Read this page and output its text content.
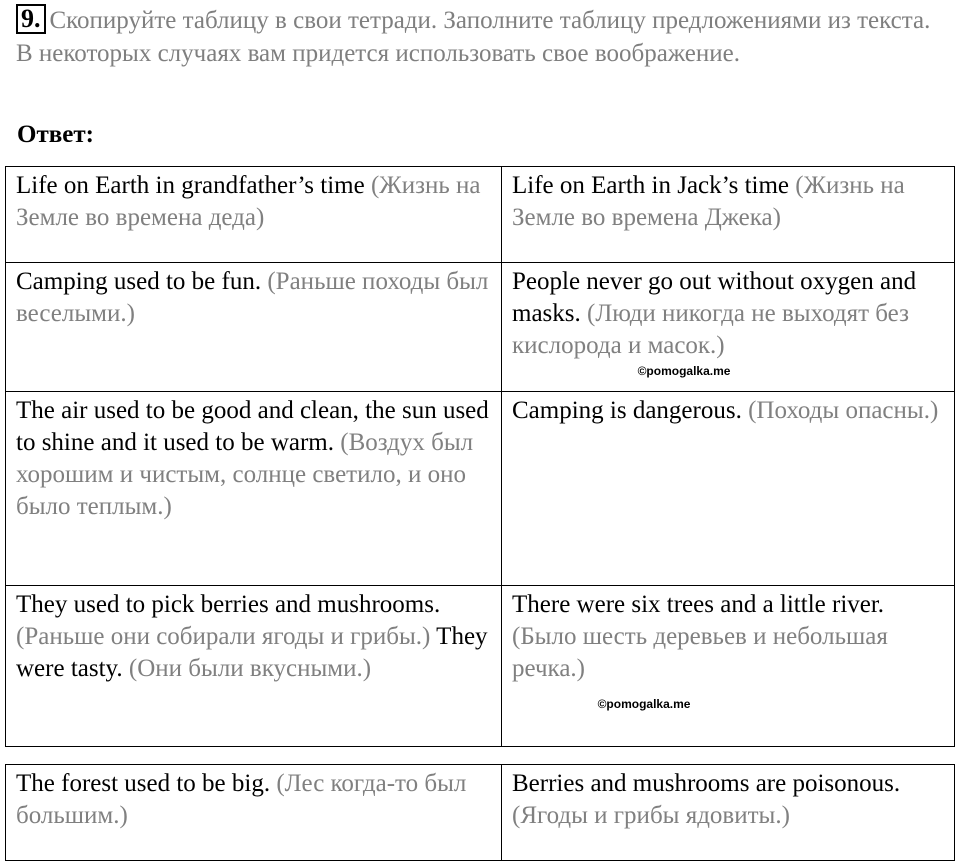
9. Скопируйте таблицу в свои тетради. Заполните таблицу предложениями из текста. В некоторых случаях вам придется использовать свое воображение.
Ответ:
Life on Earth in grandfather’s time (Жизнь на Земле во времена деда)	Life on Earth in Jack’s time (Жизнь на Земле во времена Джека)
Camping used to be fun. (Раньше походы был веселыми.)	People never go out without oxygen and masks. (Люди никогда не выходят без кислорода и масок.)
©pomogalka.me

The air used to be good and clean, the sun used to shine and it used to be warm. (Воздух был хорошим и чистым, солнце светило, и оно было теплым.)	Camping is dangerous. (Походы опасны.)
They used to pick berries and mushrooms. (Раньше они собирали ягоды и грибы.) They were tasty. (Они были вкусными.)	There were six trees and a little river. (Было шесть деревьев и небольшая речка.)
©pomogalka.me
The forest used to be big. (Лес когда-то был большим.)	Berries and mushrooms are poisonous. (Ягоды и грибы ядовиты.)
